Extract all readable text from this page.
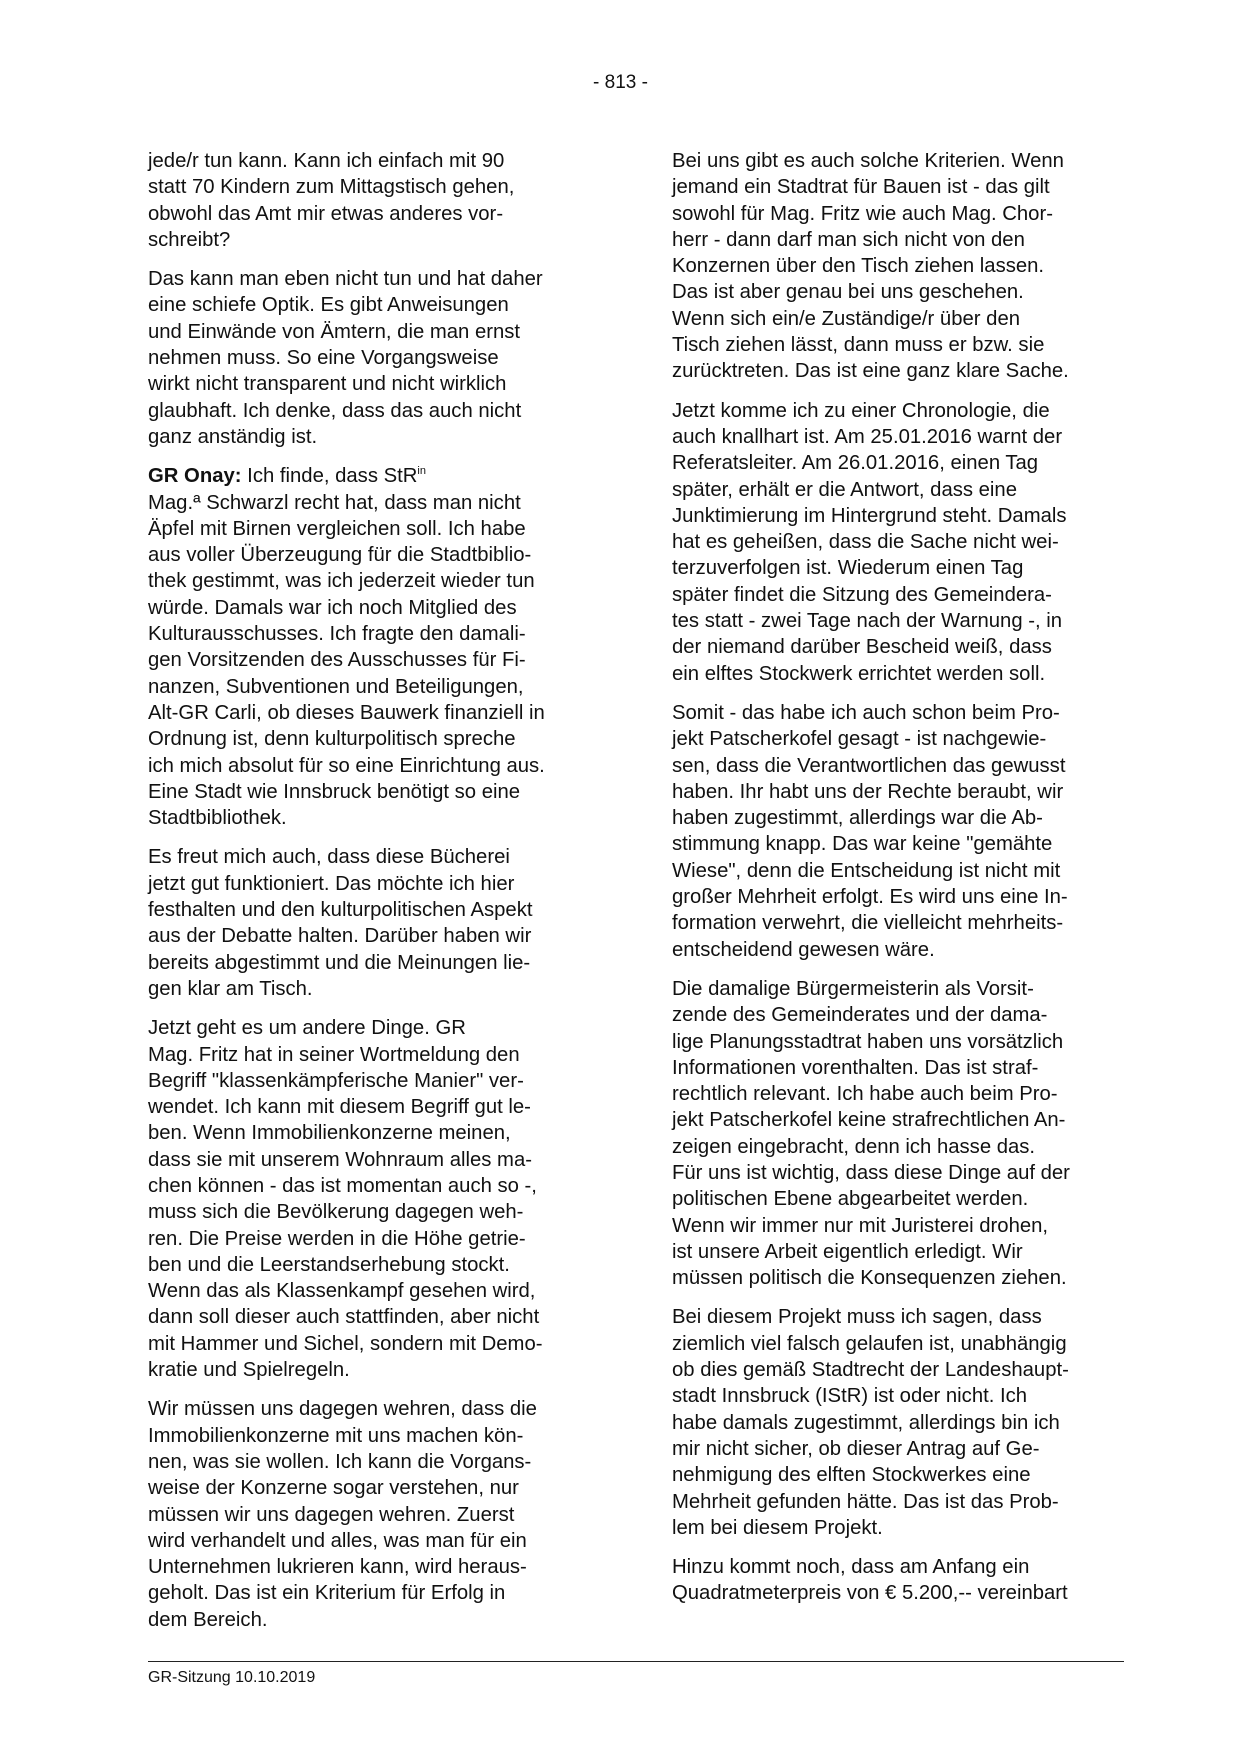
- 813 -

jede/r tun kann. Kann ich einfach mit 90
statt 70 Kindern zum Mittagstisch gehen,
obwohl das Amt mir etwas anderes vor-
schreibt?

Das kann man eben nicht tun und hat daher
eine schiefe Optik. Es gibt Anweisungen
und Einwände von Ämtern, die man ernst
nehmen muss. So eine Vorgangsweise
wirkt nicht transparent und nicht wirklich
glaubhaft. Ich denke, dass das auch nicht
ganz anständig ist.

GR Onay: Ich finde, dass StR$^{in}$
Mag.ª Schwarzl recht hat, dass man nicht
Äpfel mit Birnen vergleichen soll. Ich habe
aus voller Überzeugung für die Stadtbiblio-
thek gestimmt, was ich jederzeit wieder tun
würde. Damals war ich noch Mitglied des
Kulturausschusses. Ich fragte den damali-
gen Vorsitzenden des Ausschusses für Fi-
nanzen, Subventionen und Beteiligungen,
Alt-GR Carli, ob dieses Bauwerk finanziell in
Ordnung ist, denn kulturpolitisch spreche
ich mich absolut für so eine Einrichtung aus.
Eine Stadt wie Innsbruck benötigt so eine
Stadtbibliothek.

Es freut mich auch, dass diese Bücherei
jetzt gut funktioniert. Das möchte ich hier
festhalten und den kulturpolitischen Aspekt
aus der Debatte halten. Darüber haben wir
bereits abgestimmt und die Meinungen lie-
gen klar am Tisch.

Jetzt geht es um andere Dinge. GR
Mag. Fritz hat in seiner Wortmeldung den
Begriff "klassenkämpferische Manier" ver-
wendet. Ich kann mit diesem Begriff gut le-
ben. Wenn Immobilienkonzerne meinen,
dass sie mit unserem Wohnraum alles ma-
chen können - das ist momentan auch so -,
muss sich die Bevölkerung dagegen weh-
ren. Die Preise werden in die Höhe getrie-
ben und die Leerstandserhebung stockt.
Wenn das als Klassenkampf gesehen wird,
dann soll dieser auch stattfinden, aber nicht
mit Hammer und Sichel, sondern mit Demo-
kratie und Spielregeln.

Wir müssen uns dagegen wehren, dass die
Immobilienkonzerne mit uns machen kön-
nen, was sie wollen. Ich kann die Vorgans-
weise der Konzerne sogar verstehen, nur
müssen wir uns dagegen wehren. Zuerst
wird verhandelt und alles, was man für ein
Unternehmen lukrieren kann, wird heraus-
geholt. Das ist ein Kriterium für Erfolg in
dem Bereich.

Bei uns gibt es auch solche Kriterien. Wenn
jemand ein Stadtrat für Bauen ist - das gilt
sowohl für Mag. Fritz wie auch Mag. Chor-
herr - dann darf man sich nicht von den
Konzernen über den Tisch ziehen lassen.
Das ist aber genau bei uns geschehen.
Wenn sich ein/e Zuständige/r über den
Tisch ziehen lässt, dann muss er bzw. sie
zurücktreten. Das ist eine ganz klare Sache.

Jetzt komme ich zu einer Chronologie, die
auch knallhart ist. Am 25.01.2016 warnt der
Referatsleiter. Am 26.01.2016, einen Tag
später, erhält er die Antwort, dass eine
Junktimierung im Hintergrund steht. Damals
hat es geheißen, dass die Sache nicht wei-
terzuverfolgen ist. Wiederum einen Tag
später findet die Sitzung des Gemeindera-
tes statt - zwei Tage nach der Warnung -, in
der niemand darüber Bescheid weiß, dass
ein elftes Stockwerk errichtet werden soll.

Somit - das habe ich auch schon beim Pro-
jekt Patscherkofel gesagt - ist nachgewie-
sen, dass die Verantwortlichen das gewusst
haben. Ihr habt uns der Rechte beraubt, wir
haben zugestimmt, allerdings war die Ab-
stimmung knapp. Das war keine "gemähte
Wiese", denn die Entscheidung ist nicht mit
großer Mehrheit erfolgt. Es wird uns eine In-
formation verwehrt, die vielleicht mehrheits-
entscheidend gewesen wäre.

Die damalige Bürgermeisterin als Vorsit-
zende des Gemeinderates und der dama-
lige Planungsstadtrat haben uns vorsätzlich
Informationen vorenthalten. Das ist straf-
rechtlich relevant. Ich habe auch beim Pro-
jekt Patscherkofel keine strafrechtlichen An-
zeigen eingebracht, denn ich hasse das.
Für uns ist wichtig, dass diese Dinge auf der
politischen Ebene abgearbeitet werden.
Wenn wir immer nur mit Juristerei drohen,
ist unsere Arbeit eigentlich erledigt. Wir
müssen politisch die Konsequenzen ziehen.

Bei diesem Projekt muss ich sagen, dass
ziemlich viel falsch gelaufen ist, unabhängig
ob dies gemäß Stadtrecht der Landeshaupt-
stadt Innsbruck (IStR) ist oder nicht. Ich
habe damals zugestimmt, allerdings bin ich
mir nicht sicher, ob dieser Antrag auf Ge-
nehmigung des elften Stockwerkes eine
Mehrheit gefunden hätte. Das ist das Prob-
lem bei diesem Projekt.

Hinzu kommt noch, dass am Anfang ein
Quadratmeterpreis von € 5.200,-- vereinbart

GR-Sitzung 10.10.2019
